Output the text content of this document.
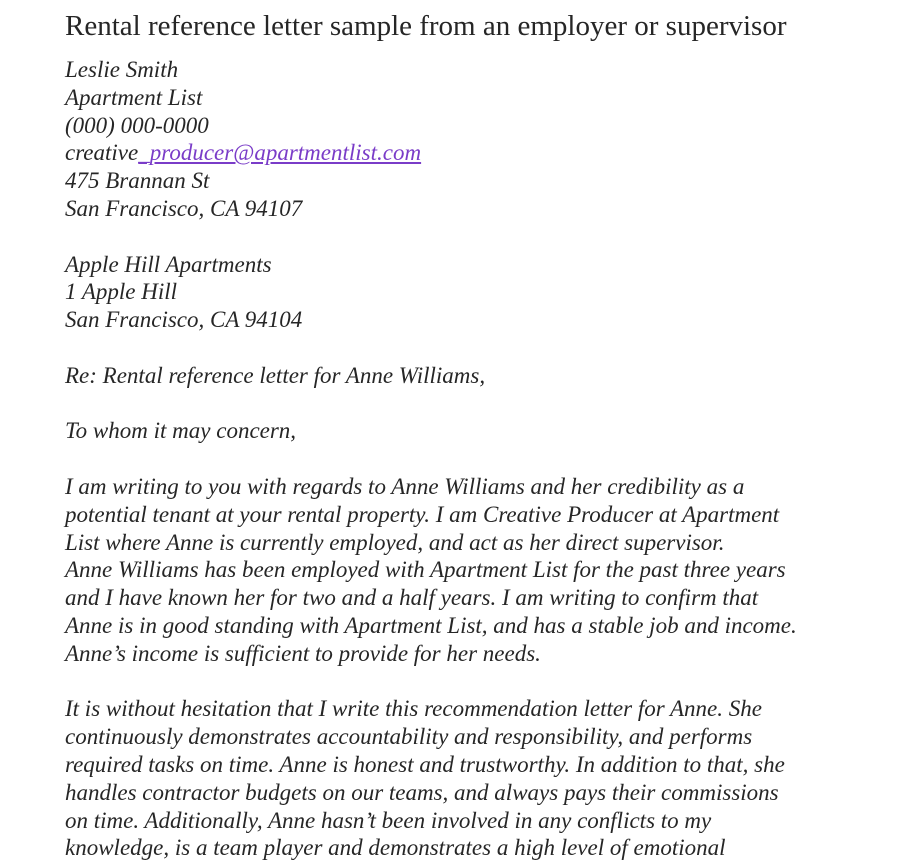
Rental reference letter sample from an employer or supervisor
Leslie Smith
Apartment List
(000) 000-0000
creative_producer@apartmentlist.com
475 Brannan St
San Francisco, CA 94107
Apple Hill Apartments
1 Apple Hill
San Francisco, CA 94104
Re: Rental reference letter for Anne Williams,
To whom it may concern,
I am writing to you with regards to Anne Williams and her credibility as a
potential tenant at your rental property. I am Creative Producer at Apartment
List where Anne is currently employed, and act as her direct supervisor.
Anne Williams has been employed with Apartment List for the past three years
and I have known her for two and a half years. I am writing to confirm that
Anne is in good standing with Apartment List, and has a stable job and income.
Anne’s income is sufficient to provide for her needs.
It is without hesitation that I write this recommendation letter for Anne. She
continuously demonstrates accountability and responsibility, and performs
required tasks on time. Anne is honest and trustworthy. In addition to that, she
handles contractor budgets on our teams, and always pays their commissions
on time. Additionally, Anne hasn’t been involved in any conflicts to my
knowledge, is a team player and demonstrates a high level of emotional
